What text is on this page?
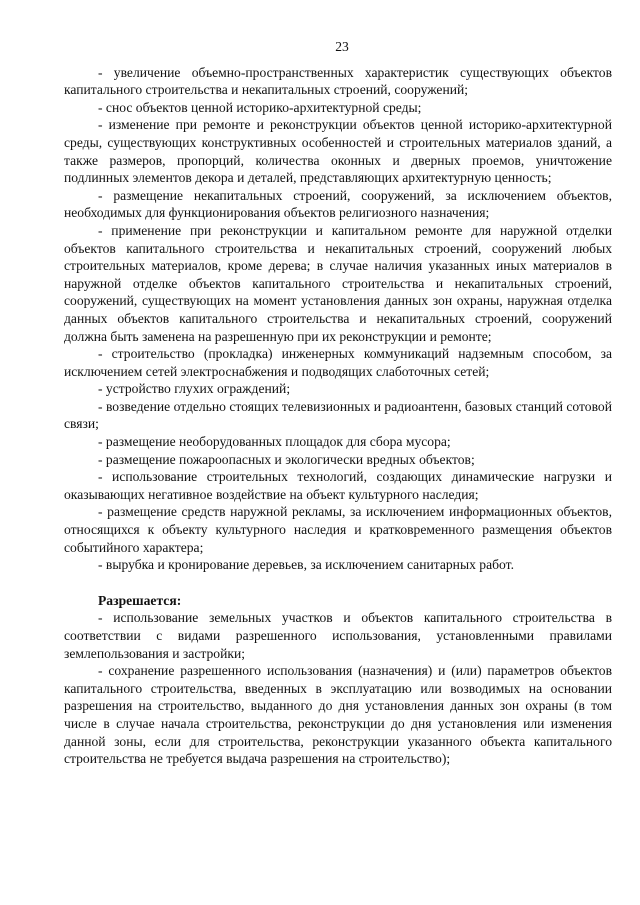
23

- увеличение объемно-пространственных характеристик существующих объектов капитального строительства и некапитальных строений, сооружений;

- снос объектов ценной историко-архитектурной среды;

- изменение при ремонте и реконструкции объектов ценной историко-архитектурной среды, существующих конструктивных особенностей и строительных материалов зданий, а также размеров, пропорций, количества оконных и дверных проемов, уничтожение подлинных элементов декора и деталей, представляющих архитектурную ценность;

- размещение некапитальных строений, сооружений, за исключением объектов, необходимых для функционирования объектов религиозного назначения;

- применение при реконструкции и капитальном ремонте для наружной отделки объектов капитального строительства и некапитальных строений, сооружений любых строительных материалов, кроме дерева; в случае наличия указанных иных материалов в наружной отделке объектов капитального строительства и некапитальных строений, сооружений, существующих на момент установления данных зон охраны, наружная отделка данных объектов капитального строительства и некапитальных строений, сооружений должна быть заменена на разрешенную при их реконструкции и ремонте;

- строительство (прокладка) инженерных коммуникаций надземным способом, за исключением сетей электроснабжения и подводящих слаботочных сетей;

- устройство глухих ограждений;

- возведение отдельно стоящих телевизионных и радиоантенн, базовых станций сотовой связи;

- размещение необорудованных площадок для сбора мусора;

- размещение пожароопасных и экологически вредных объектов;

- использование строительных технологий, создающих динамические нагрузки и оказывающих негативное воздействие на объект культурного наследия;

- размещение средств наружной рекламы, за исключением информационных объектов, относящихся к объекту культурного наследия и кратковременного размещения объектов событийного характера;

- вырубка и кронирование деревьев, за исключением санитарных работ.

Разрешается:

- использование земельных участков и объектов капитального строительства в соответствии с видами разрешенного использования, установленными правилами землепользования и застройки;

- сохранение разрешенного использования (назначения) и (или) параметров объектов капитального строительства, введенных в эксплуатацию или возводимых на основании разрешения на строительство, выданного до дня установления данных зон охраны (в том числе в случае начала строительства, реконструкции до дня установления или изменения данной зоны, если для строительства, реконструкции указанного объекта капитального строительства не требуется выдача разрешения на строительство);
